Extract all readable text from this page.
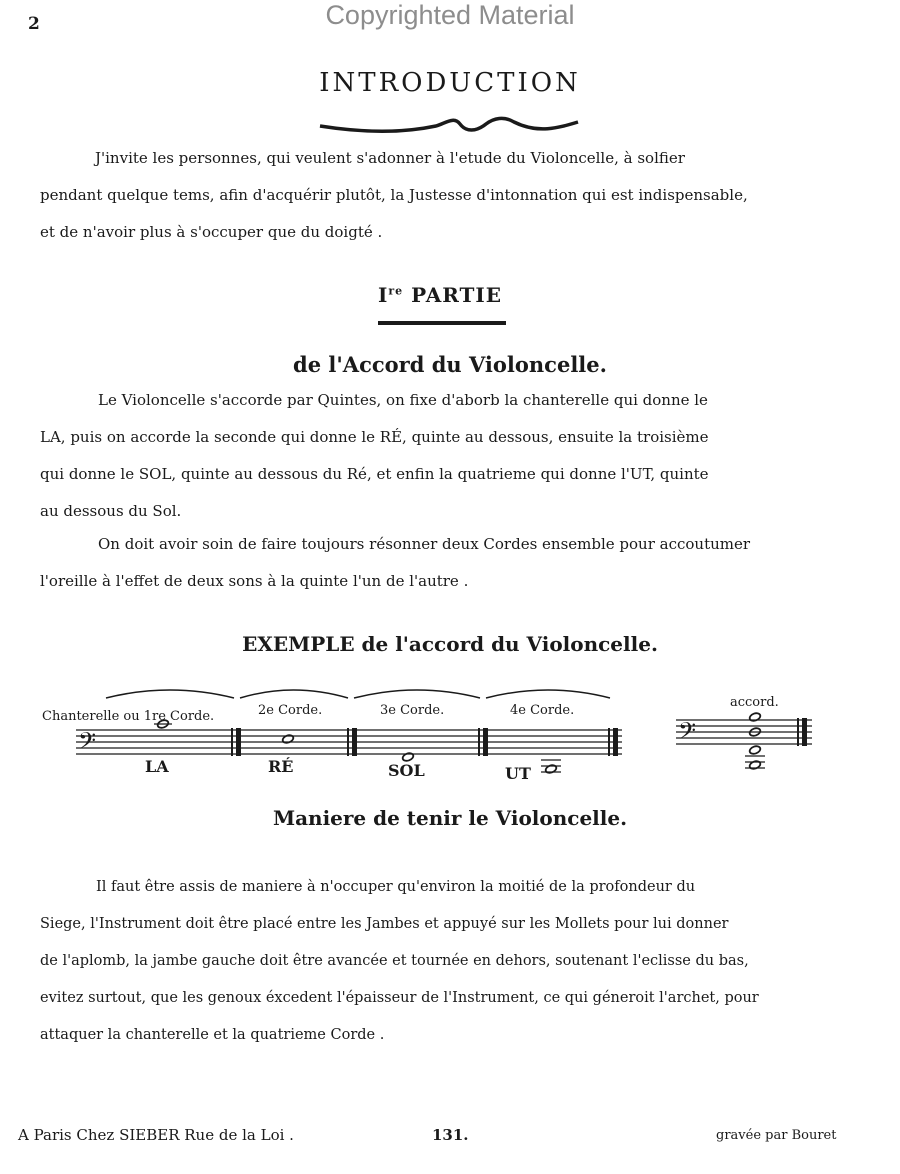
Copyrighted Material
2
INTRODUCTION
J'invite les personnes, qui veulent s'adonner à l'etude du Violoncelle, à solfier
pendant quelque tems, afin d'acquérir plutôt, la Justesse d'intonnation qui est indispensable,
et de n'avoir plus à s'occuper que du doigté .
Ire PARTIE
de l'Accord du Violoncelle.
Le Violoncelle s'accorde par Quintes, on fixe d'aborb la chanterelle qui donne le
LA, puis on accorde la seconde qui donne le RÉ, quinte au dessous, ensuite la troisième
qui donne le SOL, quinte au dessous du Ré, et enfin la quatrieme qui donne l'UT, quinte
au dessous du Sol.
On doit avoir soin de faire toujours résonner deux Cordes ensemble pour accoutumer
l'oreille à l'effet de deux sons à la quinte l'un de l'autre .
EXEMPLE de l'accord du Violoncelle.
𝄢
Chanterelle ou 1re Corde.	2e Corde.	3e Corde.	4e Corde.
LA	RÉ	SOL	UT
accord.
𝄢
Maniere de tenir le Violoncelle.
Il faut être assis de maniere à n'occuper qu'environ la moitié de la profondeur du
Siege, l'Instrument doit être placé entre les Jambes et appuyé sur les Mollets pour lui donner
de l'aplomb, la jambe gauche doit être avancée et tournée en dehors, soutenant l'eclisse du bas,
evitez surtout, que les genoux éxcedent l'épaisseur de l'Instrument, ce qui géneroit l'archet, pour
attaquer la chanterelle et la quatrieme Corde .
A Paris Chez SIEBER Rue de la Loi .	131.	gravée par Bouret
